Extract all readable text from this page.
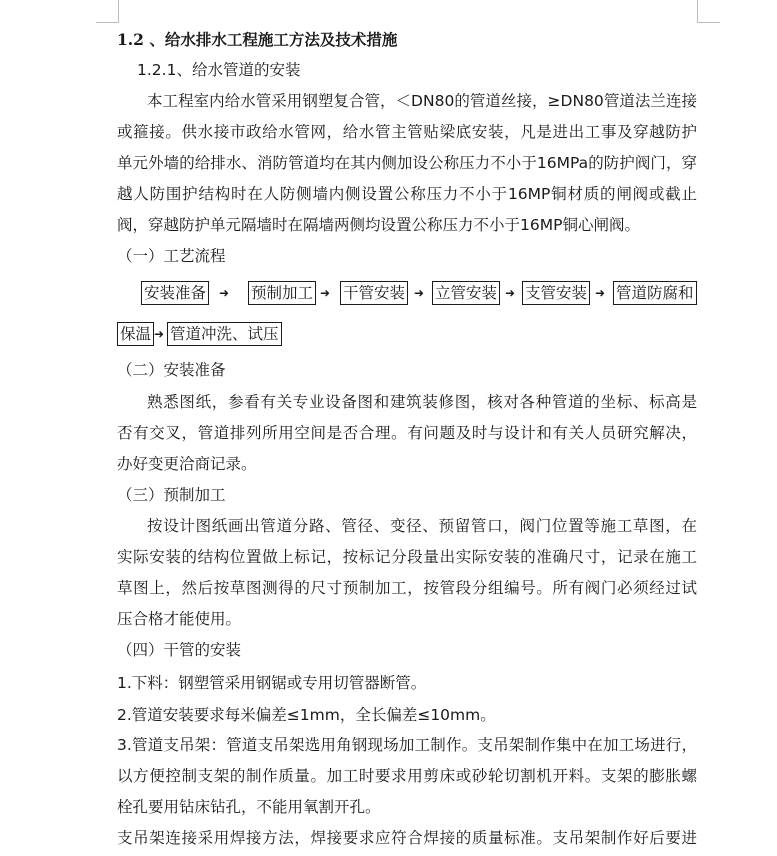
1.2 、给水排水工程施工方法及技术措施
1.2.1、给水管道的安装
本工程室内给水管采用钢塑复合管，＜DN80的管道丝接，≥DN80管道法兰连接
或箍接。供水接市政给水管网，给水管主管贴梁底安装，凡是进出工事及穿越防护
单元外墙的给排水、消防管道均在其内侧加设公称压力不小于16MPa的防护阀门，穿
越人防围护结构时在人防侧墙内侧设置公称压力不小于16MP铜材质的闸阀或截止
阀，穿越防护单元隔墙时在隔墙两侧均设置公称压力不小于16MP铜心闸阀。
（一）工艺流程
安装准备 ➜ 预制加工 ➜ 干管安装 ➜ 立管安装 ➜ 支管安装 ➜ 管道防腐和
保温 ➜ 管道冲洗、试压
（二）安装准备
熟悉图纸，参看有关专业设备图和建筑装修图，核对各种管道的坐标、标高是
否有交叉，管道排列所用空间是否合理。有问题及时与设计和有关人员研究解决，
办好变更洽商记录。
（三）预制加工
按设计图纸画出管道分路、管径、变径、预留管口，阀门位置等施工草图，在
实际安装的结构位置做上标记，按标记分段量出实际安装的准确尺寸，记录在施工
草图上，然后按草图测得的尺寸预制加工，按管段分组编号。所有阀门必须经过试
压合格才能使用。
（四）干管的安装
1.下料：钢塑管采用钢锯或专用切管器断管。
2.管道安装要求每米偏差≤1mm，全长偏差≤10mm。
3.管道支吊架：管道支吊架选用角钢现场加工制作。支吊架制作集中在加工场进行，
以方便控制支架的制作质量。加工时要求用剪床或砂轮切割机开料。支架的膨胀螺
栓孔要用钻床钻孔，不能用氧割开孔。
支吊架连接采用焊接方法，焊接要求应符合焊接的质量标准。支吊架制作好后要进
